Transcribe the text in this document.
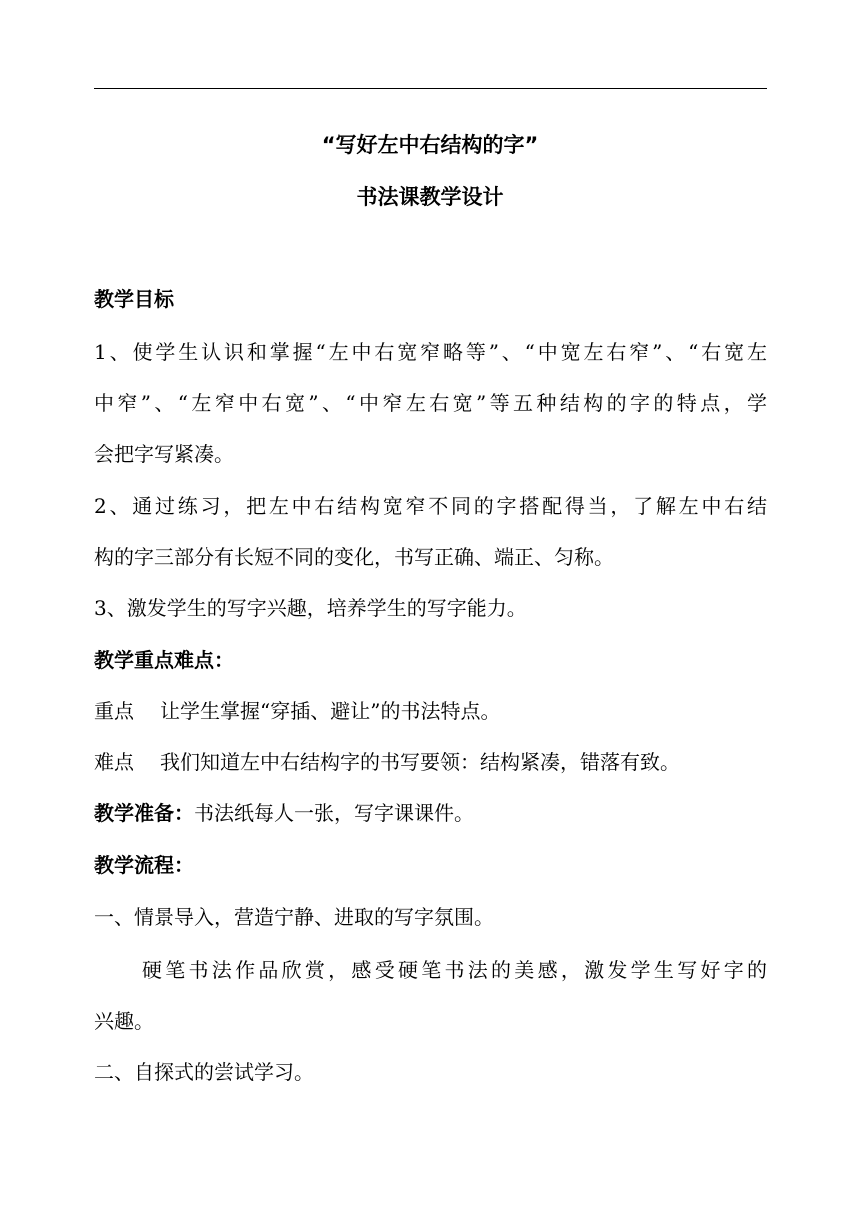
“写好左中右结构的字”
书法课教学设计
教学目标
1、使学生认识和掌握“左中右宽窄略等”、“中宽左右窄”、“右宽左
中窄”、“左窄中右宽”、“中窄左右宽”等五种结构的字的特点，学
会把字写紧凑。
2、通过练习，把左中右结构宽窄不同的字搭配得当，了解左中右结
构的字三部分有长短不同的变化，书写正确、端正、匀称。
3、激发学生的写字兴趣，培养学生的写字能力。
教学重点难点：
重点 让学生掌握“穿插、避让”的书法特点。
难点 我们知道左中右结构字的书写要领：结构紧凑，错落有致。
教学准备：书法纸每人一张，写字课课件。
教学流程：
一、情景导入，营造宁静、进取的写字氛围。
硬笔书法作品欣赏，感受硬笔书法的美感，激发学生写好字的
兴趣。
二、自探式的尝试学习。
